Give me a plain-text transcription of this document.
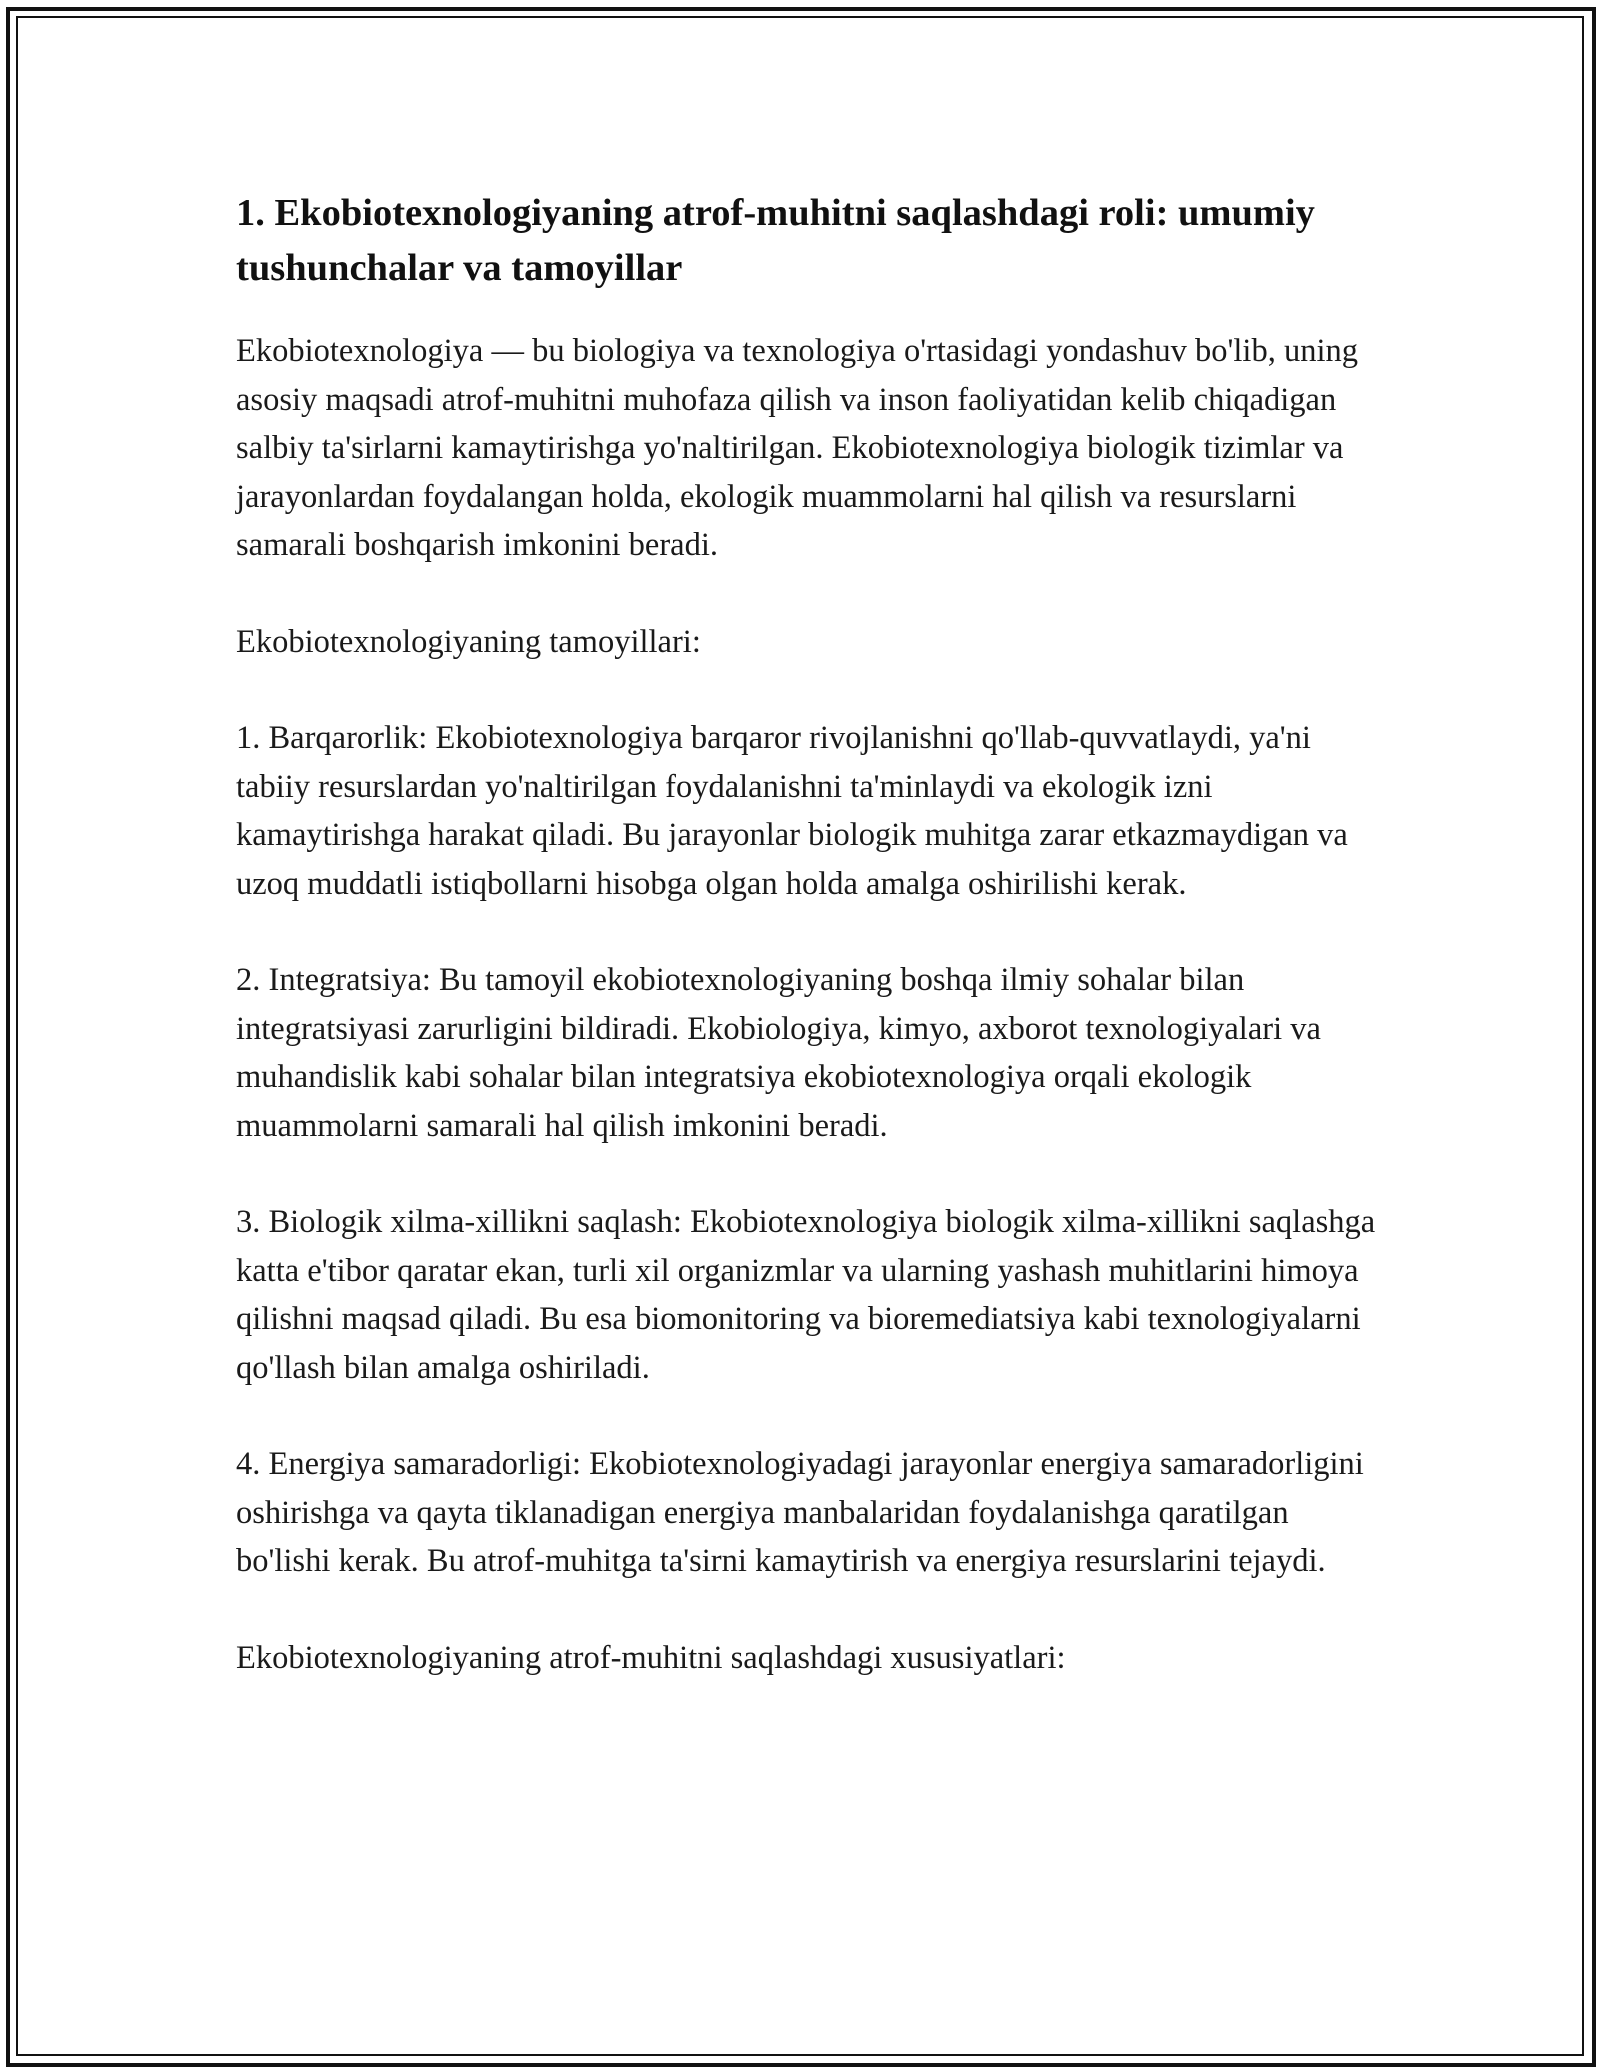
1. Ekobiotexnologiyaning atrof-muhitni saqlashdagi roli: umumiy tushunchalar va tamoyillar

Ekobiotexnologiya — bu biologiya va texnologiya o'rtasidagi yondashuv bo'lib, uning asosiy maqsadi atrof-muhitni muhofaza qilish va inson faoliyatidan kelib chiqadigan salbiy ta'sirlarni kamaytirishga yo'naltirilgan. Ekobiotexnologiya biologik tizimlar va jarayonlardan foydalangan holda, ekologik muammolarni hal qilish va resurslarni samarali boshqarish imkonini beradi.

Ekobiotexnologiyaning tamoyillari:

1. Barqarorlik: Ekobiotexnologiya barqaror rivojlanishni qo'llab-quvvatlaydi, ya'ni tabiiy resurslardan yo'naltirilgan foydalanishni ta'minlaydi va ekologik izni kamaytirishga harakat qiladi. Bu jarayonlar biologik muhitga zarar etkazmaydigan va uzoq muddatli istiqbollarni hisobga olgan holda amalga oshirilishi kerak.

2. Integratsiya: Bu tamoyil ekobiotexnologiyaning boshqa ilmiy sohalar bilan integratsiyasi zarurligini bildiradi. Ekobiologiya, kimyo, axborot texnologiyalari va muhandislik kabi sohalar bilan integratsiya ekobiotexnologiya orqali ekologik muammolarni samarali hal qilish imkonini beradi.

3. Biologik xilma-xillikni saqlash: Ekobiotexnologiya biologik xilma-xillikni saqlashga katta e'tibor qaratar ekan, turli xil organizmlar va ularning yashash muhitlarini himoya qilishni maqsad qiladi. Bu esa biomonitoring va bioremediatsiya kabi texnologiyalarni qo'llash bilan amalga oshiriladi.

4. Energiya samaradorligi: Ekobiotexnologiyadagi jarayonlar energiya samaradorligini oshirishga va qayta tiklanadigan energiya manbalaridan foydalanishga qaratilgan bo'lishi kerak. Bu atrof-muhitga ta'sirni kamaytirish va energiya resurslarini tejaydi.

Ekobiotexnologiyaning atrof-muhitni saqlashdagi xususiyatlari:
